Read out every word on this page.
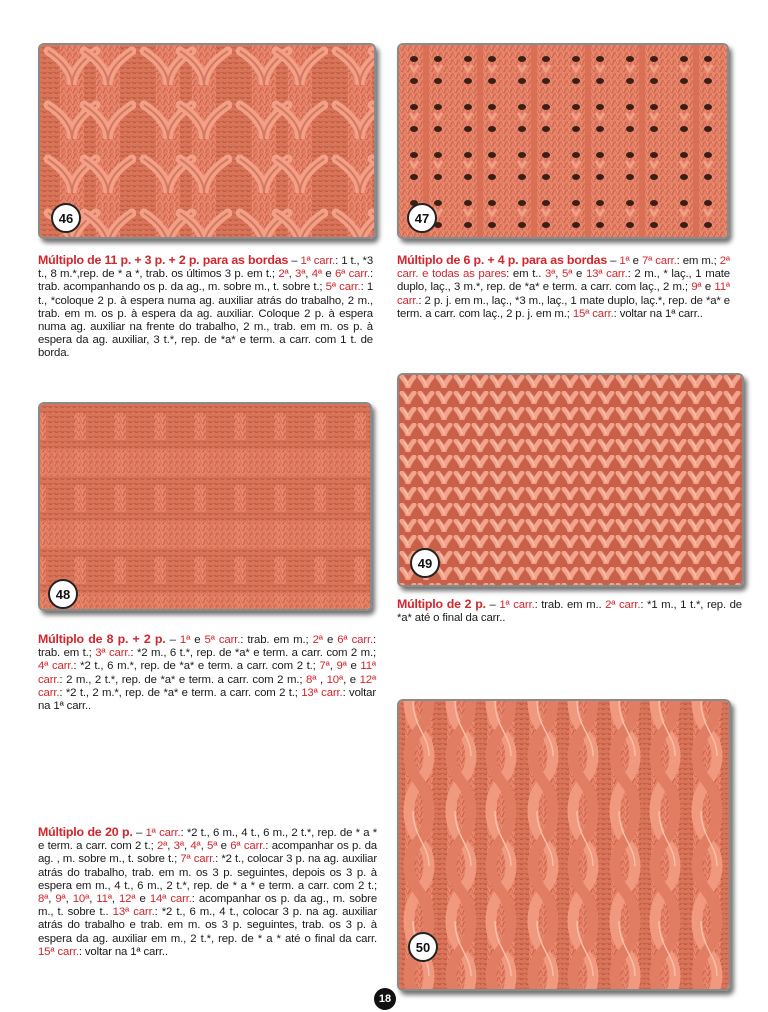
46	47
Múltiplo de 11 p. + 3 p. + 2 p. para as bordas – 1ª carr.: 1 t., *3 t., 8 m.*,rep. de * a *, trab. os últimos 3 p. em t.; 2ª, 3ª, 4ª e 6ª carr.: trab. acompanhando os p. da ag., m. sobre m., t. sobre t.; 5ª carr.: 1 t., *coloque 2 p. à espera numa ag. auxiliar atrás do trabalho, 2 m., trab. em m. os p. à espera da ag. auxiliar. Coloque 2 p. à espera numa ag. auxiliar na frente do trabalho, 2 m., trab. em m. os p. à espera da ag. auxiliar, 3 t.*, rep. de *a* e term. a carr. com 1 t. de borda.
Múltiplo de 6 p. + 4 p. para as bordas – 1ª e 7ª carr.: em m.; 2ª carr. e todas as pares: em t.. 3ª, 5ª e 13ª carr.: 2 m., * laç., 1 mate duplo, laç., 3 m.*, rep. de *a* e term. a carr. com laç., 2 m.; 9ª e 11ª carr.: 2 p. j. em m., laç., *3 m., laç., 1 mate duplo, laç.*, rep. de *a* e term. a carr. com laç., 2 p. j. em m.; 15ª carr.: voltar na 1ª carr..
49
48
Múltiplo de 2 p. – 1ª carr.: trab. em m.. 2ª carr.: *1 m., 1 t.*, rep. de *a* até o final da carr..
Múltiplo de 8 p. + 2 p. – 1ª e 5ª carr.: trab. em m.; 2ª e 6ª carr.: trab. em t.; 3ª carr.: *2 m., 6 t.*, rep. de *a* e term. a carr. com 2 m.; 4ª carr.: *2 t., 6 m.*, rep. de *a* e term. a carr. com 2 t.; 7ª, 9ª e 11ª carr.: 2 m., 2 t.*, rep. de *a* e term. a carr. com 2 m.; 8ª , 10ª, e 12ª carr.: *2 t., 2 m.*, rep. de *a* e term. a carr. com 2 t.; 13ª carr.: voltar na 1ª carr..
50
Múltiplo de 20 p. – 1ª carr.: *2 t., 6 m., 4 t., 6 m., 2 t.*, rep. de * a * e term. a carr. com 2 t.; 2ª, 3ª, 4ª, 5ª e 6ª carr.: acompanhar os p. da ag. , m. sobre m., t. sobre t.; 7ª carr.: *2 t., colocar 3 p. na ag. auxiliar atrás do trabalho, trab. em m. os 3 p. seguintes, depois os 3 p. à espera em m., 4 t., 6 m., 2 t.*, rep. de * a * e term. a carr. com 2 t.; 8ª, 9ª, 10ª, 11ª, 12ª e 14ª carr.: acompanhar os p. da ag., m. sobre m., t. sobre t.. 13ª carr.: *2 t., 6 m., 4 t., colocar 3 p. na ag. auxiliar atrás do trabalho e trab. em m. os 3 p. seguintes, trab. os 3 p. à espera da ag. auxiliar em m., 2 t.*, rep. de * a * até o final da carr. 15ª carr.: voltar na 1ª carr..
18
